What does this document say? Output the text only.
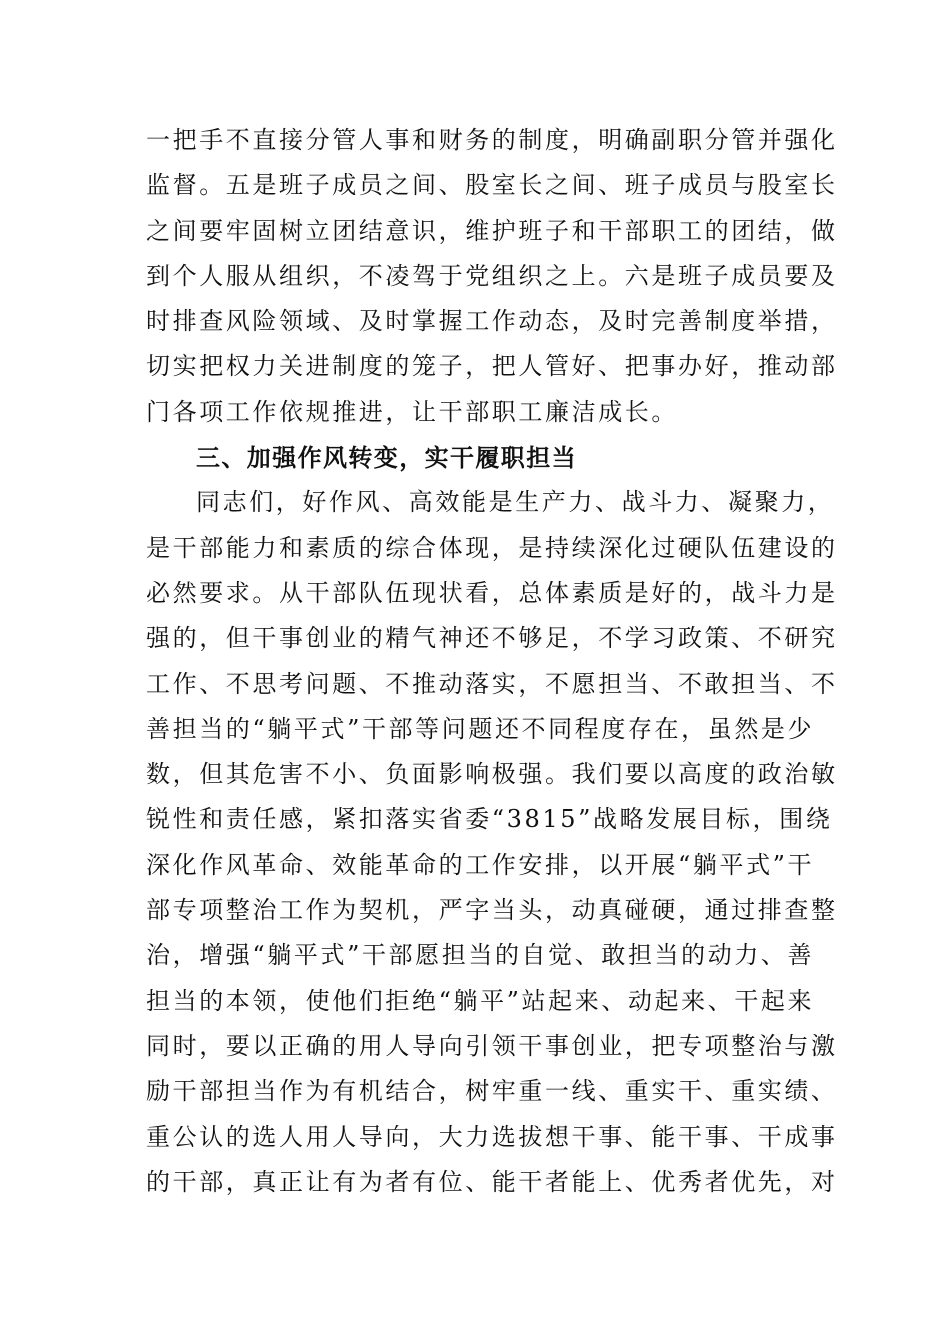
一把手不直接分管人事和财务的制度，明确副职分管并强化
监督。五是班子成员之间、股室长之间、班子成员与股室长
之间要牢固树立团结意识，维护班子和干部职工的团结，做
到个人服从组织，不凌驾于党组织之上。六是班子成员要及
时排查风险领域、及时掌握工作动态，及时完善制度举措，
切实把权力关进制度的笼子，把人管好、把事办好，推动部
门各项工作依规推进，让干部职工廉洁成长。
三、加强作风转变，实干履职担当
同志们，好作风、高效能是生产力、战斗力、凝聚力，
是干部能力和素质的综合体现，是持续深化过硬队伍建设的
必然要求。从干部队伍现状看，总体素质是好的，战斗力是
强的，但干事创业的精气神还不够足，不学习政策、不研究
工作、不思考问题、不推动落实，不愿担当、不敢担当、不
善担当的“躺平式”干部等问题还不同程度存在，虽然是少
数，但其危害不小、负面影响极强。我们要以高度的政治敏
锐性和责任感，紧扣落实省委“3815”战略发展目标，围绕
深化作风革命、效能革命的工作安排，以开展“躺平式”干
部专项整治工作为契机，严字当头，动真碰硬，通过排查整
治，增强“躺平式”干部愿担当的自觉、敢担当的动力、善
担当的本领，使他们拒绝“躺平”站起来、动起来、干起来
同时，要以正确的用人导向引领干事创业，把专项整治与激
励干部担当作为有机结合，树牢重一线、重实干、重实绩、
重公认的选人用人导向，大力选拔想干事、能干事、干成事
的干部，真正让有为者有位、能干者能上、优秀者优先，对
